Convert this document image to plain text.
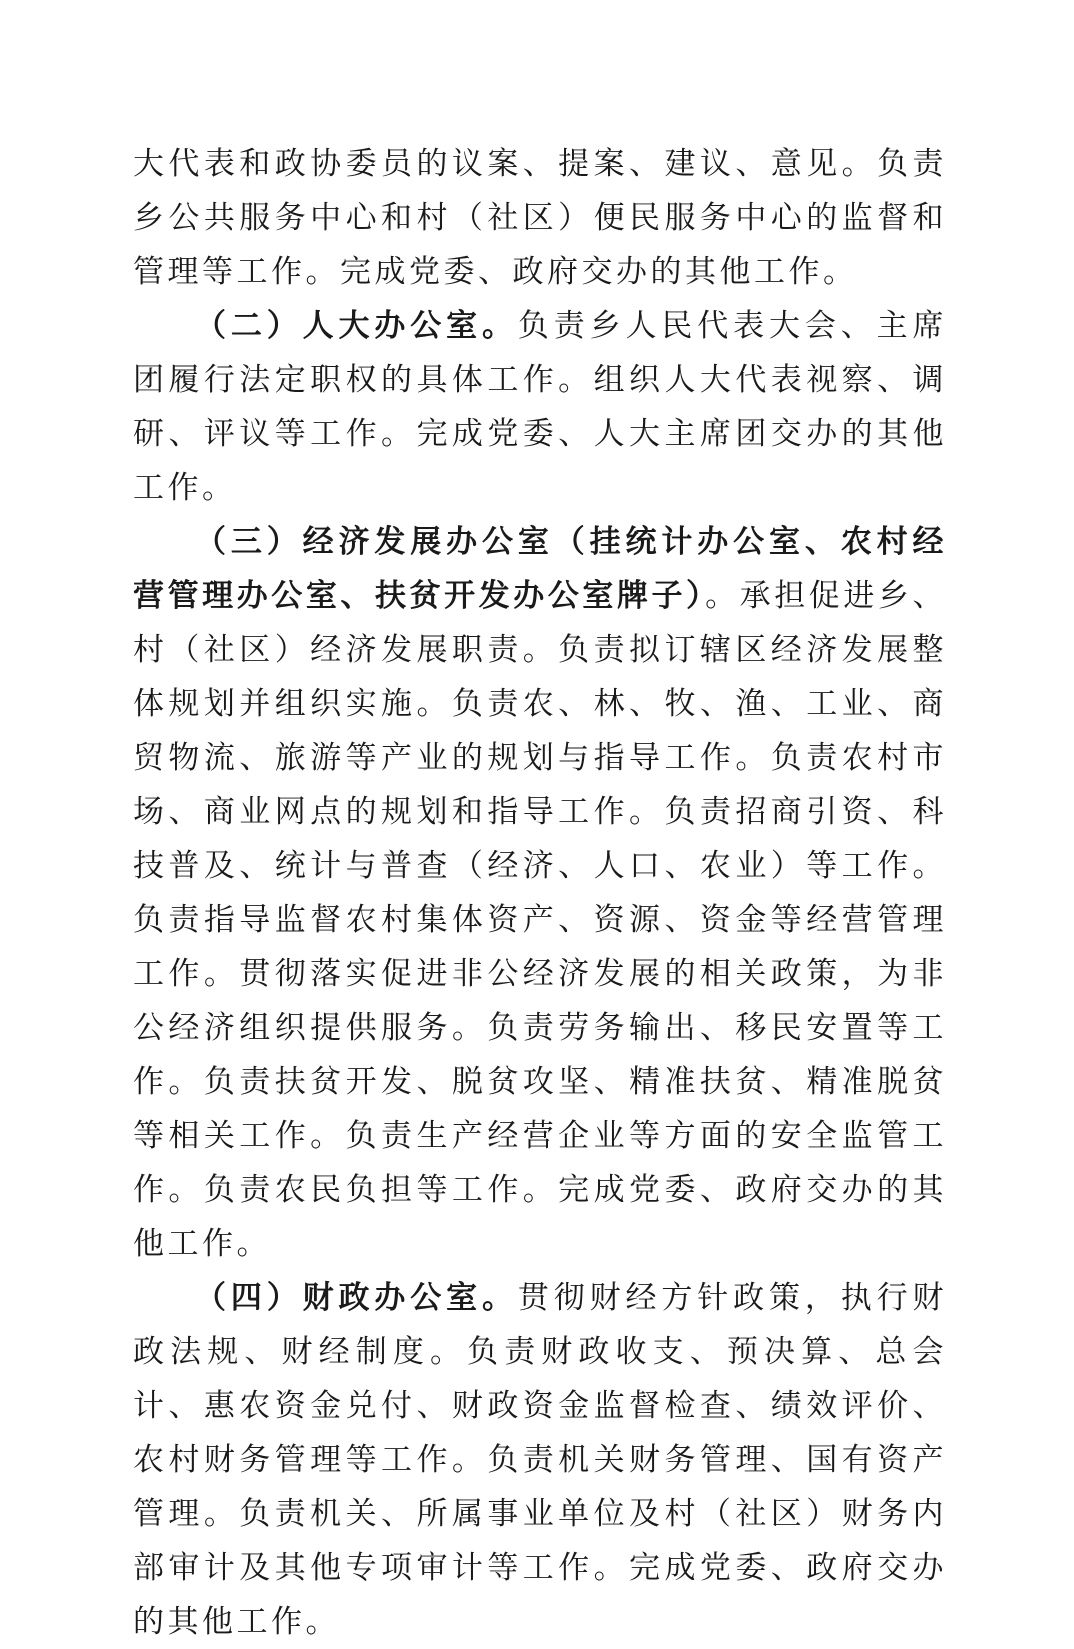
大代表和政协委员的议案、提案、建议、意见。负责乡公共服务中心和村（社区）便民服务中心的监督和管理等工作。完成党委、政府交办的其他工作。

（二）人大办公室。负责乡人民代表大会、主席团履行法定职权的具体工作。组织人大代表视察、调研、评议等工作。完成党委、人大主席团交办的其他工作。

（三）经济发展办公室（挂统计办公室、农村经营管理办公室、扶贫开发办公室牌子）。承担促进乡、村（社区）经济发展职责。负责拟订辖区经济发展整体规划并组织实施。负责农、林、牧、渔、工业、商贸物流、旅游等产业的规划与指导工作。负责农村市场、商业网点的规划和指导工作。负责招商引资、科技普及、统计与普查（经济、人口、农业）等工作。负责指导监督农村集体资产、资源、资金等经营管理工作。贯彻落实促进非公经济发展的相关政策，为非公经济组织提供服务。负责劳务输出、移民安置等工作。负责扶贫开发、脱贫攻坚、精准扶贫、精准脱贫等相关工作。负责生产经营企业等方面的安全监管工作。负责农民负担等工作。完成党委、政府交办的其他工作。

（四）财政办公室。贯彻财经方针政策，执行财政法规、财经制度。负责财政收支、预决算、总会计、惠农资金兑付、财政资金监督检查、绩效评价、农村财务管理等工作。负责机关财务管理、国有资产管理。负责机关、所属事业单位及村（社区）财务内部审计及其他专项审计等工作。完成党委、政府交办的其他工作。
